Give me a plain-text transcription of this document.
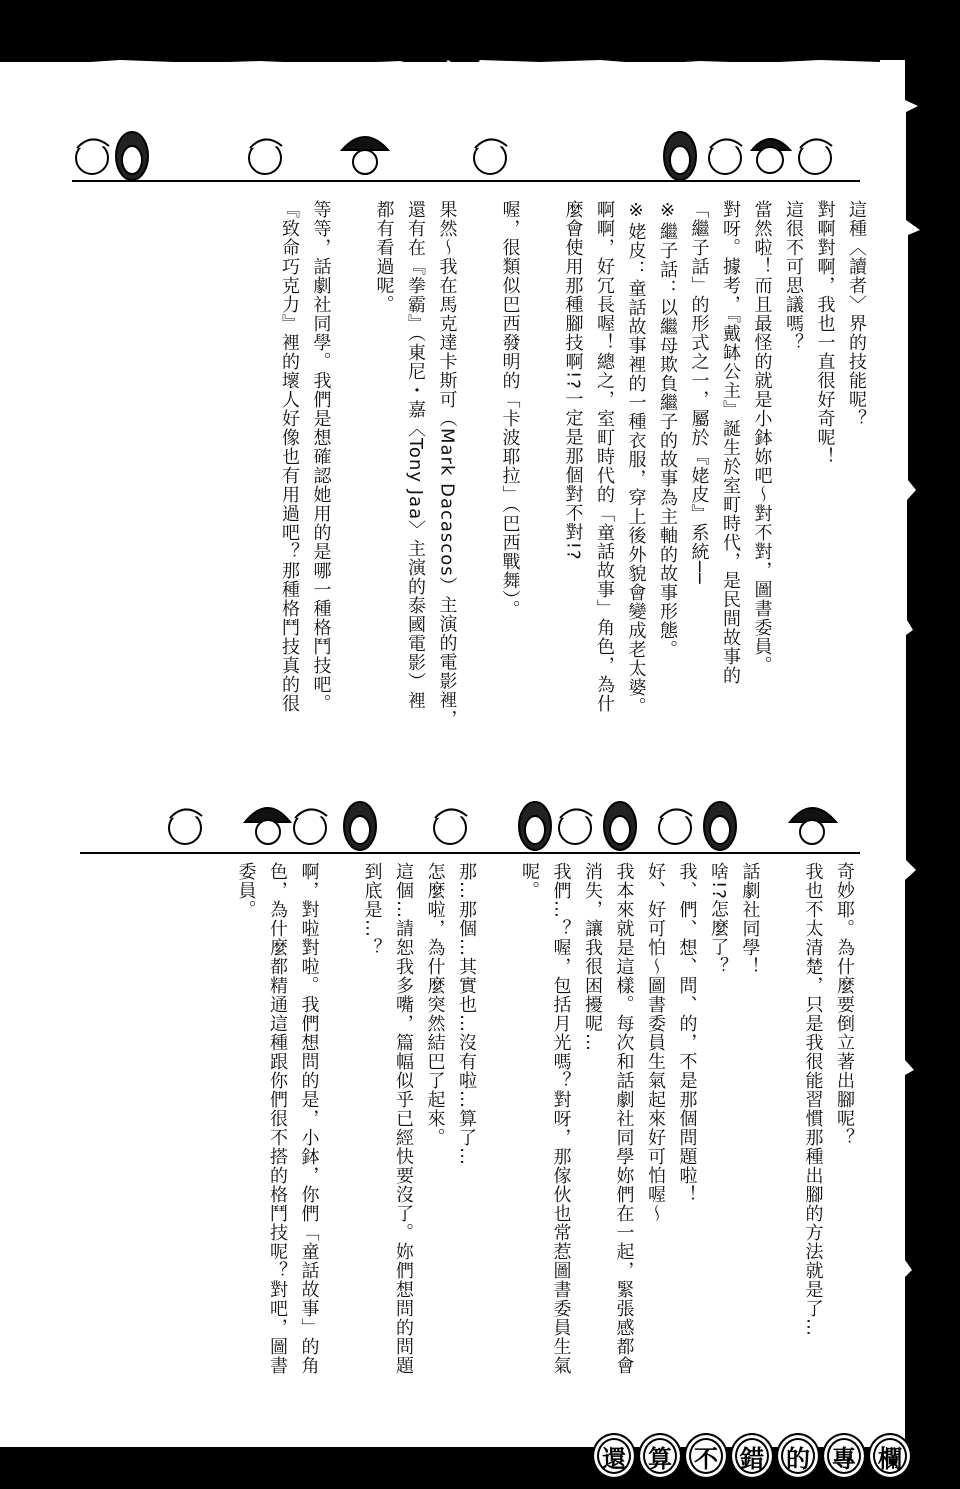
這種〈讀者〉界的技能呢？
對啊對啊，我也一直很好奇呢！
這很不可思議嗎？
當然啦！而且最怪的就是小鉢妳吧～對不對，圖書委員。
對呀。據考，『戴缽公主』誕生於室町時代，是民間故事的
「繼子話」的形式之一，屬於『姥皮』系統──
※繼子話：以繼母欺負繼子的故事為主軸的故事形態。
※姥皮：童話故事裡的一種衣服，穿上後外貌會變成老太婆。
啊啊，好冗長喔！總之，室町時代的「童話故事」角色，為什
麼會使用那種腳技啊!?一定是那個對不對!?
喔，很類似巴西發明的「卡波耶拉」（巴西戰舞）。
果然～我在馬克達卡斯可（Mark Dacascos）主演的電影裡，
還有在『拳霸』（東尼・嘉〈Tony Jaa〉主演的泰國電影）裡
都有看過呢。
等等，話劇社同學。我們是想確認她用的是哪一種格鬥技吧。
『致命巧克力』裡的壞人好像也有用過吧？那種格鬥技真的很
奇妙耶。為什麼要倒立著出腳呢？
我也不太清楚，只是我很能習慣那種出腳的方法就是了…
話劇社同學！
啥!?怎麼了？
我、們、想、問、的，不是那個問題啦！
好、好可怕～圖書委員生氣起來好可怕喔～
我本來就是這樣。每次和話劇社同學妳們在一起，緊張感都會
消失，讓我很困擾呢…
我們…？喔，包括月光嗎？對呀，那傢伙也常惹圖書委員生氣
呢。
那…那個…其實也…沒有啦…算了…
怎麼啦，為什麼突然結巴了起來。
這個…請恕我多嘴，篇幅似乎已經快要沒了。妳們想問的問題
到底是…？
啊，對啦對啦。我們想問的是，小鉢，你們「童話故事」的角
色，為什麼都精通這種跟你們很不搭的格鬥技呢？對吧，圖書
委員。
還 算 不 錯 的 專 欄
